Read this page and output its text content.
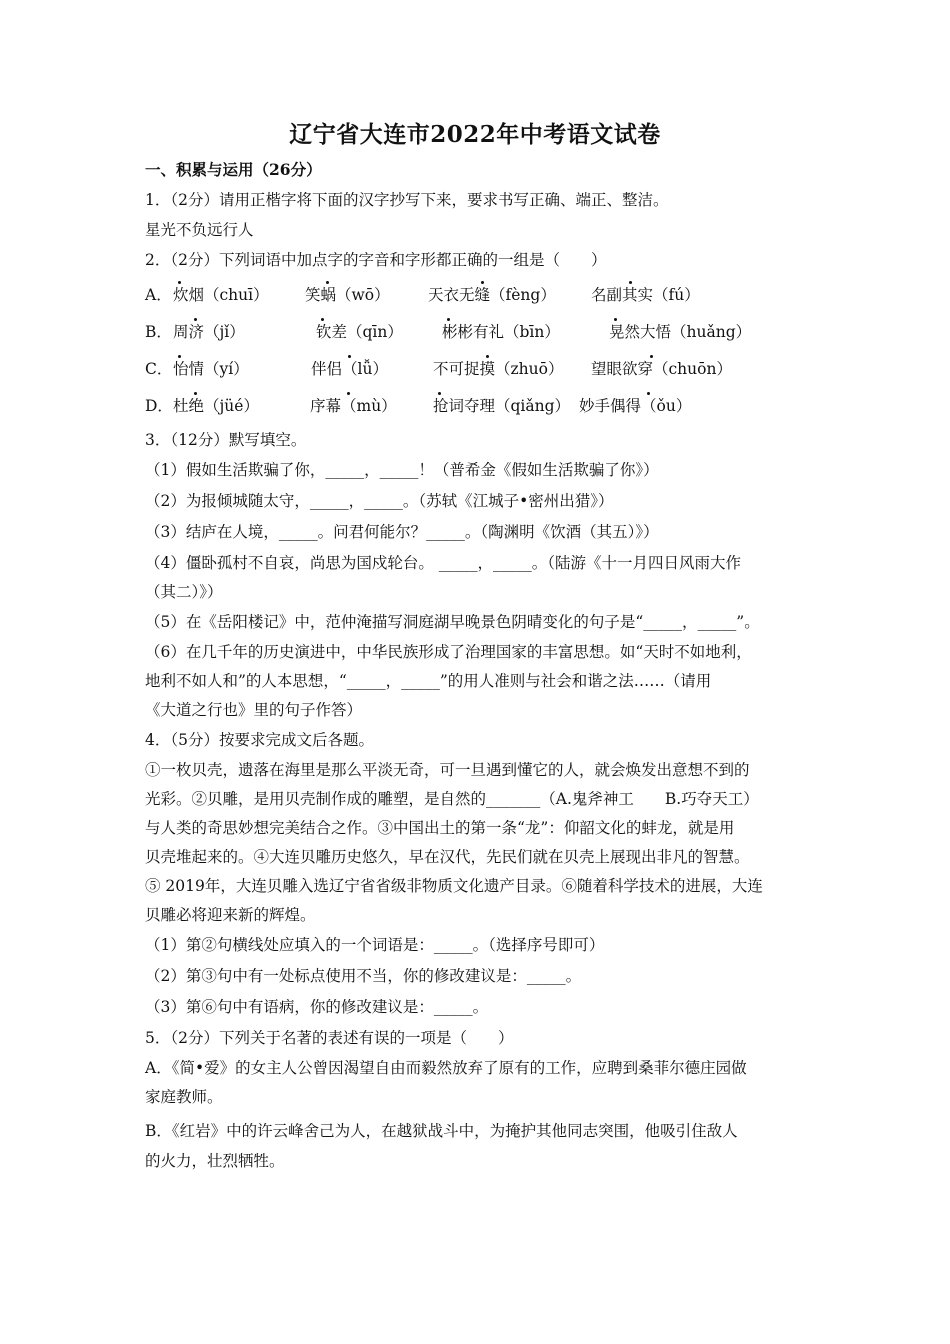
辽宁省大连市2022年中考语文试卷
一、积累与运用（26分）
1．（2分）请用正楷字将下面的汉字抄写下来，要求书写正确、端正、整洁。
星光不负远行人
2．（2分）下列词语中加点字的字音和字形都正确的一组是（　　）
A． 炊烟（chuī） 笑蜗（wō） 天衣无缝（fèng） 名副其实（fú）
B． 周济（jǐ）	钦差（qīn）	彬彬有礼（bīn）	晃然大悟（huǎng）
C． 怡情（yí）	伴侣（lǚ）	不可捉摸（zhuō） 望眼欲穿（chuōn）
D． 杜绝（jüé）	序幕（mù） 抢词夺理（qiǎng） 妙手偶得（ǒu）
3．（12分）默写填空。
（1）假如生活欺骗了你，_____，_____！（普希金《假如生活欺骗了你》）
（2）为报倾城随太守，_____，_____。（苏轼《江城子•密州出猎》）
（3）结庐在人境，_____。问君何能尔？_____。（陶渊明《饮酒（其五）》）
（4）僵卧孤村不自哀，尚思为国戍轮台。 _____，_____。（陆游《十一月四日风雨大作
（其二）》）
（5）在《岳阳楼记》中，范仲淹描写洞庭湖早晚景色阴晴变化的句子是“_____，_____”。
（6）在几千年的历史演进中，中华民族形成了治理国家的丰富思想。如“天时不如地利，
地利不如人和”的人本思想，“_____，_____”的用人准则与社会和谐之法……（请用
《大道之行也》里的句子作答）
4．（5分）按要求完成文后各题。
①一枚贝壳，遗落在海里是那么平淡无奇，可一旦遇到懂它的人，就会焕发出意想不到的
光彩。②贝雕，是用贝壳制作成的雕塑，是自然的_______（A.鬼斧神工　　B.巧夺天工）
与人类的奇思妙想完美结合之作。③中国出土的第一条“龙”：仰韶文化的蚌龙，就是用
贝壳堆起来的。④大连贝雕历史悠久，早在汉代，先民们就在贝壳上展现出非凡的智慧。
⑤ 2019年，大连贝雕入选辽宁省省级非物质文化遗产目录。⑥随着科学技术的进展，大连
贝雕必将迎来新的辉煌。
（1）第②句横线处应填入的一个词语是：_____。（选择序号即可）
（2）第③句中有一处标点使用不当，你的修改建议是：_____。
（3）第⑥句中有语病，你的修改建议是：_____。
5．（2分）下列关于名著的表述有误的一项是（　　）
A．《简•爱》的女主人公曾因渴望自由而毅然放弃了原有的工作，应聘到桑菲尔德庄园做
家庭教师。
B．《红岩》中的许云峰舍己为人，在越狱战斗中，为掩护其他同志突围，他吸引住敌人
的火力，壮烈牺牲。
